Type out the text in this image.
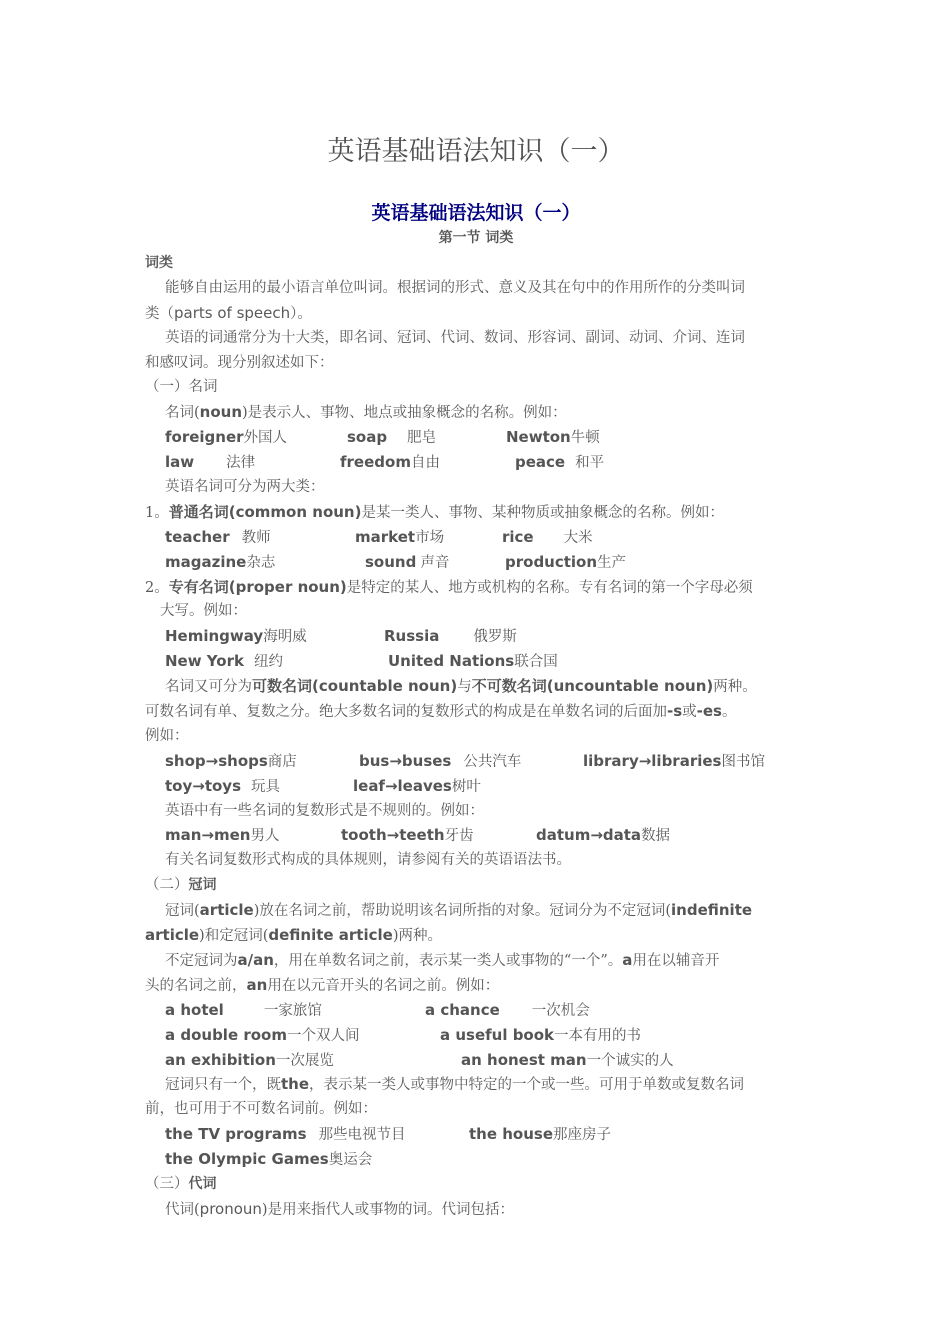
英语基础语法知识（一）
英语基础语法知识（一）
第一节 词类
词类
能够自由运用的最小语言单位叫词。根据词的形式、意义及其在句中的作用所作的分类叫词
类（parts of speech）。
英语的词通常分为十大类，即名词、冠词、代词、数词、形容词、副词、动词、介词、连词
和感叹词。现分别叙述如下：
（一）名词
名词(noun)是表示人、事物、地点或抽象概念的名称。例如：
foreigner外国人	soap 肥皂	Newton牛顿
law 法律	freedom自由	peace 和平
英语名词可分为两大类：
1。普通名词(common noun)是某一类人、事物、某种物质或抽象概念的名称。例如：
teacher 教师	market市场	rice 大米
magazine杂志	sound 声音	production生产
2。专有名词(proper noun)是特定的某人、地方或机构的名称。专有名词的第一个字母必须
大写。例如：
Hemingway海明威	Russia 俄罗斯
New York 纽约	United Nations联合国
名词又可分为可数名词(countable noun)与不可数名词(uncountable noun)两种。
可数名词有单、复数之分。绝大多数名词的复数形式的构成是在单数名词的后面加-s或-es。
例如：
shop→shops商店	bus→buses 公共汽车	library→libraries图书馆
toy→toys 玩具	leaf→leaves树叶
英语中有一些名词的复数形式是不规则的。例如：
man→men男人	tooth→teeth牙齿	datum→data数据
有关名词复数形式构成的具体规则，请参阅有关的英语语法书。
（二）冠词
冠词(article)放在名词之前，帮助说明该名词所指的对象。冠词分为不定冠词(indefinite
article)和定冠词(definite article)两种。
不定冠词为a/an，用在单数名词之前，表示某一类人或事物的“一个”。a用在以辅音开
头的名词之前，an用在以元音开头的名词之前。例如：
a hotel	一家旅馆	a chance 一次机会
a double room一个双人间	a useful book一本有用的书
an exhibition一次展览	an honest man一个诚实的人
冠词只有一个，既the，表示某一类人或事物中特定的一个或一些。可用于单数或复数名词
前，也可用于不可数名词前。例如：
the TV programs 那些电视节目	the house那座房子
the Olympic Games奥运会
（三）代词
代词(pronoun)是用来指代人或事物的词。代词包括：
